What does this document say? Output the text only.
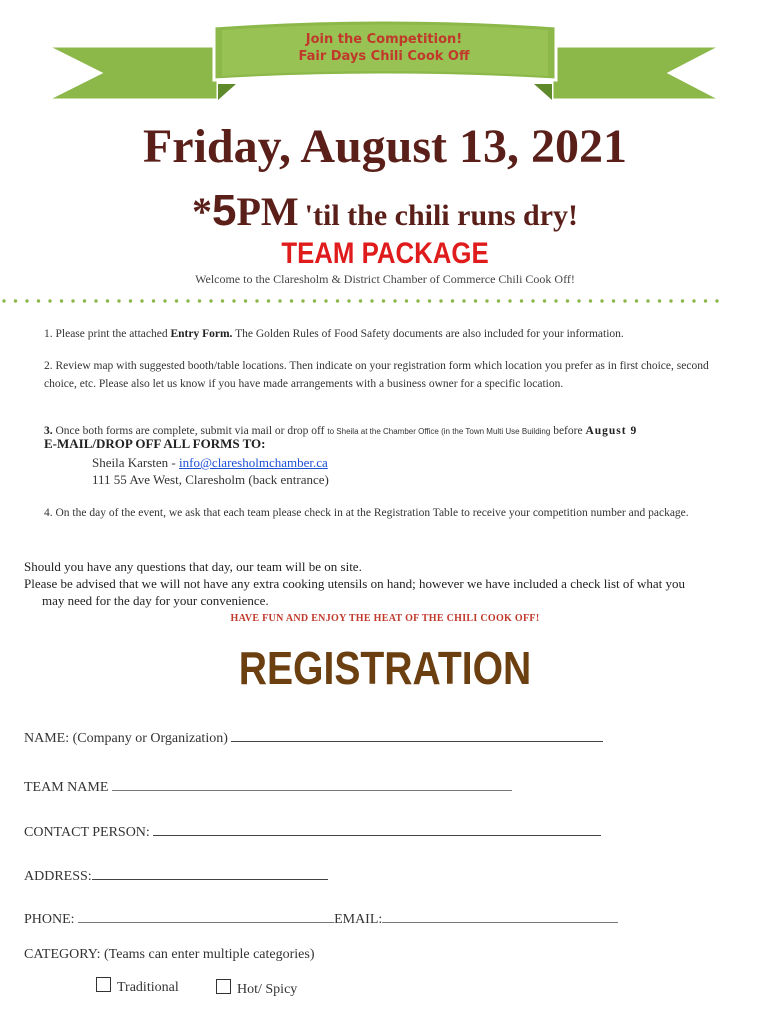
Join the Competition!
Fair Days Chili Cook Off
Friday, August 13, 2021
*5PM 'til the chili runs dry!
TEAM PACKAGE
Welcome to the Claresholm & District Chamber of Commerce Chili Cook Off!
1. Please print the attached Entry Form. The Golden Rules of Food Safety documents are also included for your information.
2. Review map with suggested booth/table locations. Then indicate on your registration form which location you prefer as in first choice, second choice, etc. Please also let us know if you have made arrangements with a business owner for a specific location.
3. Once both forms are complete, submit via mail or drop off to Sheila at the Chamber Office (in the Town Multi Use Building before August 9
E-MAIL/DROP OFF ALL FORMS TO:
Sheila Karsten - info@claresholmchamber.ca
111 55 Ave West, Claresholm (back entrance)
4. On the day of the event, we ask that each team please check in at the Registration Table to receive your competition number and package.
Should you have any questions that day, our team will be on site.
Please be advised that we will not have any extra cooking utensils on hand; however we have included a check list of what you
may need for the day for your convenience.
HAVE FUN AND ENJOY THE HEAT OF THE CHILI COOK OFF!
REGISTRATION
NAME: (Company or Organization)
TEAM NAME
CONTACT PERSON:
ADDRESS:
PHONE:	EMAIL:
CATEGORY: (Teams can enter multiple categories)
Traditional	Hot/ Spicy
